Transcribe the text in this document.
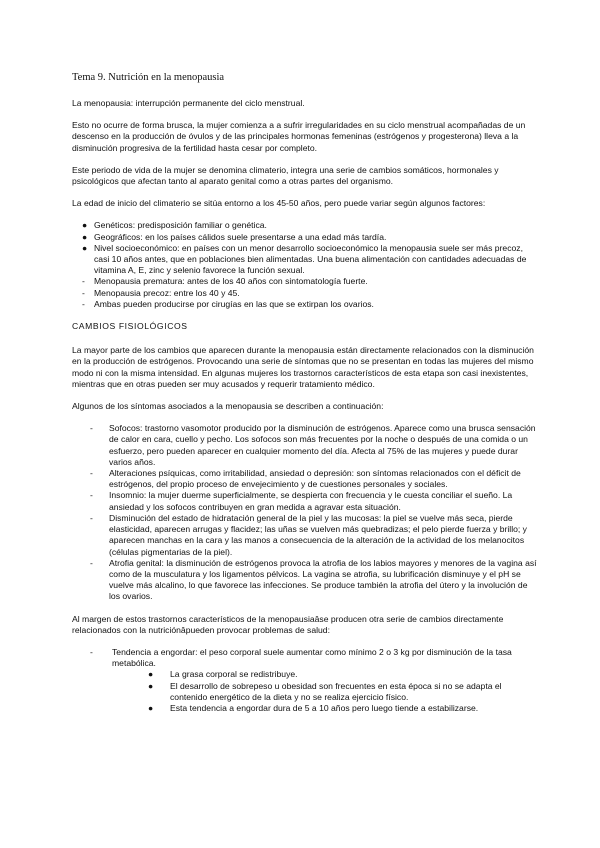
Tema 9. Nutrición en la menopausia

La menopausia: interrupción permanente del ciclo menstrual.

Esto no ocurre de forma brusca, la mujer comienza a a sufrir irregularidades en su ciclo menstrual acompañadas de un descenso en la producción de óvulos y de las principales hormonas femeninas (estrógenos y progesterona) lleva a la disminución progresiva de la fertilidad hasta cesar por completo.

Este periodo de vida de la mujer se denomina climaterio, integra una serie de cambios somáticos, hormonales y psicológicos que afectan tanto al aparato genital como a otras partes del organismo.

La edad de inicio del climaterio se sitúa entorno a los 45-50 años, pero puede variar según algunos factores:

● Genéticos: predisposición familiar o genética.
● Geográficos: en los países cálidos suele presentarse a una edad más tardía.
● Nivel socioeconómico: en países con un menor desarrollo socioeconómico la menopausia suele ser más precoz, casi 10 años antes, que en poblaciones bien alimentadas. Una buena alimentación con cantidades adecuadas de vitamina A, E, zinc y selenio favorece la función sexual.
- Menopausia prematura: antes de los 40 años con sintomatología fuerte.
- Menopausia precoz: entre los 40 y 45.
- Ambas pueden producirse por cirugías en las que se extirpan los ovarios.
CAMBIOS FISIOLÓGICOS

La mayor parte de los cambios que aparecen durante la menopausia están directamente relacionados con la disminución en la producción de estrógenos. Provocando una serie de síntomas que no se presentan en todas las mujeres del mismo modo ni con la misma intensidad. En algunas mujeres los trastornos característicos de esta etapa son casi inexistentes, mientras que en otras pueden ser muy acusados y requerir tratamiento médico.

Algunos de los síntomas asociados a la menopausia se describen a continuación:

- Sofocos: trastorno vasomotor producido por la disminución de estrógenos. Aparece como una brusca sensación de calor en cara, cuello y pecho. Los sofocos son más frecuentes por la noche o después de una comida o un esfuerzo, pero pueden aparecer en cualquier momento del día. Afecta al 75% de las mujeres y puede durar varios años.
- Alteraciones psíquicas, como irritabilidad, ansiedad o depresión: son síntomas relacionados con el déficit de estrógenos, del propio proceso de envejecimiento y de cuestiones personales y sociales.
- Insomnio: la mujer duerme superficialmente, se despierta con frecuencia y le cuesta conciliar el sueño. La ansiedad y los sofocos contribuyen en gran medida a agravar esta situación.
- Disminución del estado de hidratación general de la piel y las mucosas: la piel se vuelve más seca, pierde elasticidad, aparecen arrugas y flacidez; las uñas se vuelven más quebradizas; el pelo pierde fuerza y brillo; y aparecen manchas en la cara y las manos a consecuencia de la alteración de la actividad de los melanocitos (células pigmentarias de la piel).
- Atrofia genital: la disminución de estrógenos provoca la atrofia de los labios mayores y menores de la vagina así como de la musculatura y los ligamentos pélvicos. La vagina se atrofia, su lubrificación disminuye y el pH se vuelve más alcalino, lo que favorece las infecciones. Se produce también la atrofia del útero y la involución de los ovarios.

Al margen de estos trastornos característicos de la menopausiaâse producen otra serie de cambios directamente relacionados con la nutriciónâpueden provocar problemas de salud:

- Tendencia a engordar: el peso corporal suele aumentar como mínimo 2 o 3 kg por disminución de la tasa metabólica.
● La grasa corporal se redistribuye.
● El desarrollo de sobrepeso u obesidad son frecuentes en esta época si no se adapta el contenido energético de la dieta y no se realiza ejercicio físico.
● Esta tendencia a engordar dura de 5 a 10 años pero luego tiende a estabilizarse.
